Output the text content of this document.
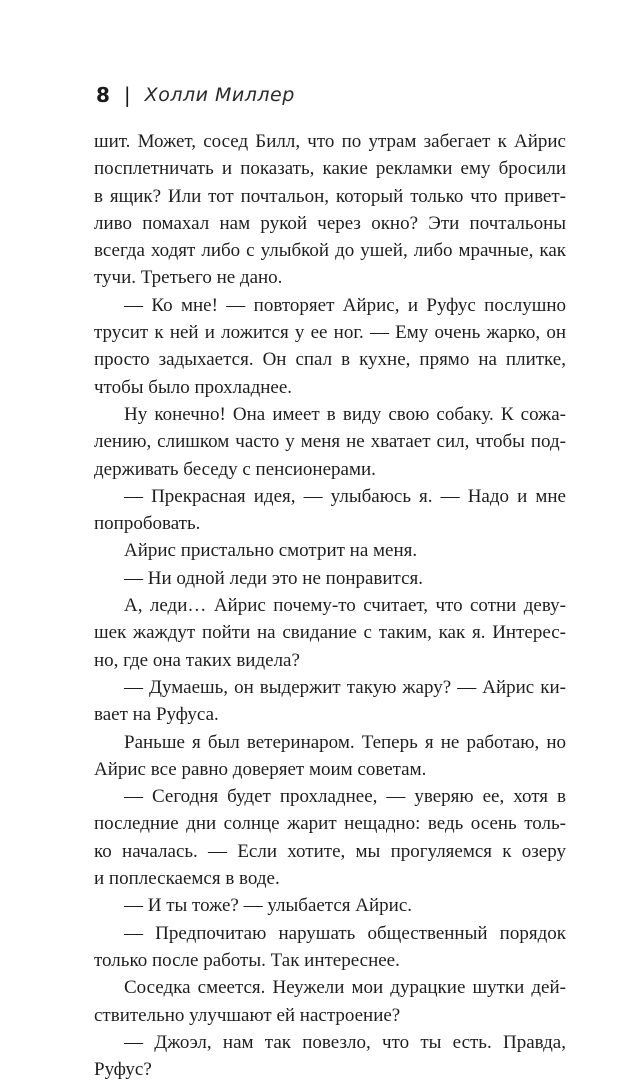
8 | Холли Миллер
шит. Может, сосед Билл, что по утрам забегает к Айрис
посплетничать и показать, какие рекламки ему бросили
в ящик? Или тот почтальон, который только что привет-
ливо помахал нам рукой через окно? Эти почтальоны
всегда ходят либо с улыбкой до ушей, либо мрачные, как
тучи. Третьего не дано.
— Ко мне! — повторяет Айрис, и Руфус послушно
трусит к ней и ложится у ее ног. — Ему очень жарко, он
просто задыхается. Он спал в кухне, прямо на плитке,
чтобы было прохладнее.
Ну конечно! Она имеет в виду свою собаку. К сожа-
лению, слишком часто у меня не хватает сил, чтобы под-
держивать беседу с пенсионерами.
— Прекрасная идея, — улыбаюсь я. — Надо и мне
попробовать.
Айрис пристально смотрит на меня.
— Ни одной леди это не понравится.
А, леди… Айрис почему-то считает, что сотни деву-
шек жаждут пойти на свидание с таким, как я. Интерес-
но, где она таких видела?
— Думаешь, он выдержит такую жару? — Айрис ки-
вает на Руфуса.
Раньше я был ветеринаром. Теперь я не работаю, но
Айрис все равно доверяет моим советам.
— Сегодня будет прохладнее, — уверяю ее, хотя в
последние дни солнце жарит нещадно: ведь осень толь-
ко началась. — Если хотите, мы прогуляемся к озеру
и поплескаемся в воде.
— И ты тоже? — улыбается Айрис.
— Предпочитаю нарушать общественный порядок
только после работы. Так интереснее.
Соседка смеется. Неужели мои дурацкие шутки дей-
ствительно улучшают ей настроение?
— Джоэл, нам так повезло, что ты есть. Правда,
Руфус?
